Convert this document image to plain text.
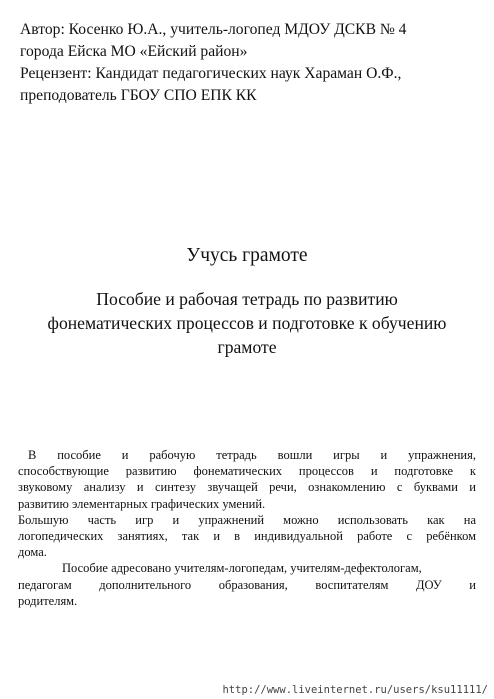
Автор: Косенко Ю.А., учитель-логопед МДОУ ДСКВ № 4
города Ейска МО «Ейский район»
Рецензент: Кандидат педагогических наук Хараман О.Ф.,
преподователь ГБОУ СПО ЕПК КК
Учусь грамоте
Пособие и рабочая тетрадь по развитию
фонематических процессов и подготовке к обучению
грамоте

В пособие и рабочую тетрадь вошли игры и упражнения,

способствующие развитию фонематических процессов и подготовке к

звуковому анализу и синтезу звучащей речи, ознакомлению с буквами и

развитию элементарных графических умений.

Большую часть игр и упражнений можно использовать как на

логопедических занятиях, так и в индивидуальной работе с ребёнком

дома.

Пособие адресовано учителям-логопедам, учителям-дефектологам,

педагогам дополнительного образования, воспитателям ДОУ и

родителям.

http://www.liveinternet.ru/users/ksu11111/
